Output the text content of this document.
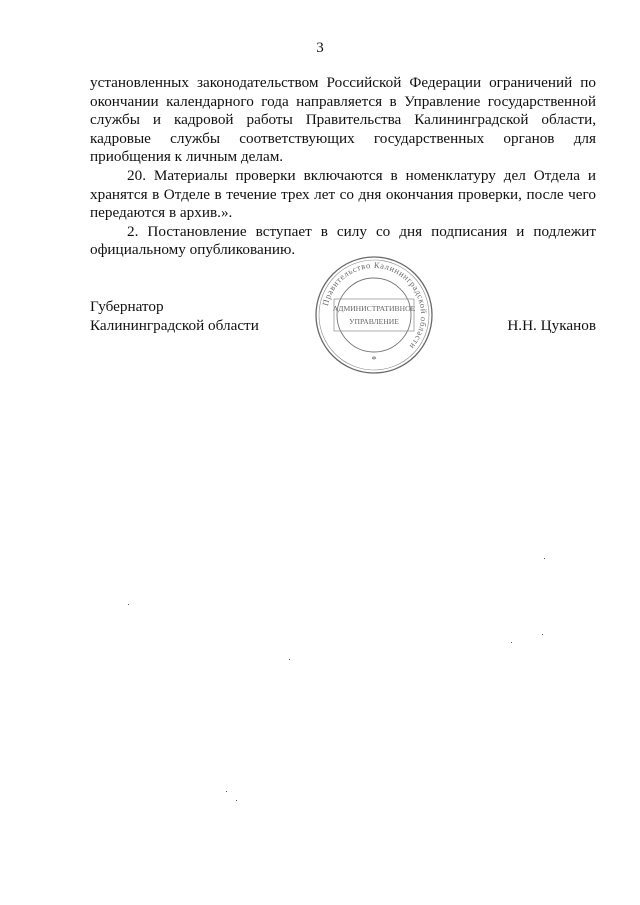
3

установленных законодательством Российской Федерации ограничений по окончании календарного года направляется в Управление государственной службы и кадровой работы Правительства Калининградской области, кадровые службы соответствующих государственных органов для приобщения к личным делам.

20. Материалы проверки включаются в номенклатуру дел Отдела и хранятся в Отделе в течение трех лет со дня окончания проверки, после чего передаются в архив.».

2. Постановление вступает в силу со дня подписания и подлежит официальному опубликованию.

Губернатор
Калининградской области
Правительство Калининградской области
АДМИНИСТРАТИВНОЕ
УПРАВЛЕНИЕ
*
Н.Н. Цуканов
